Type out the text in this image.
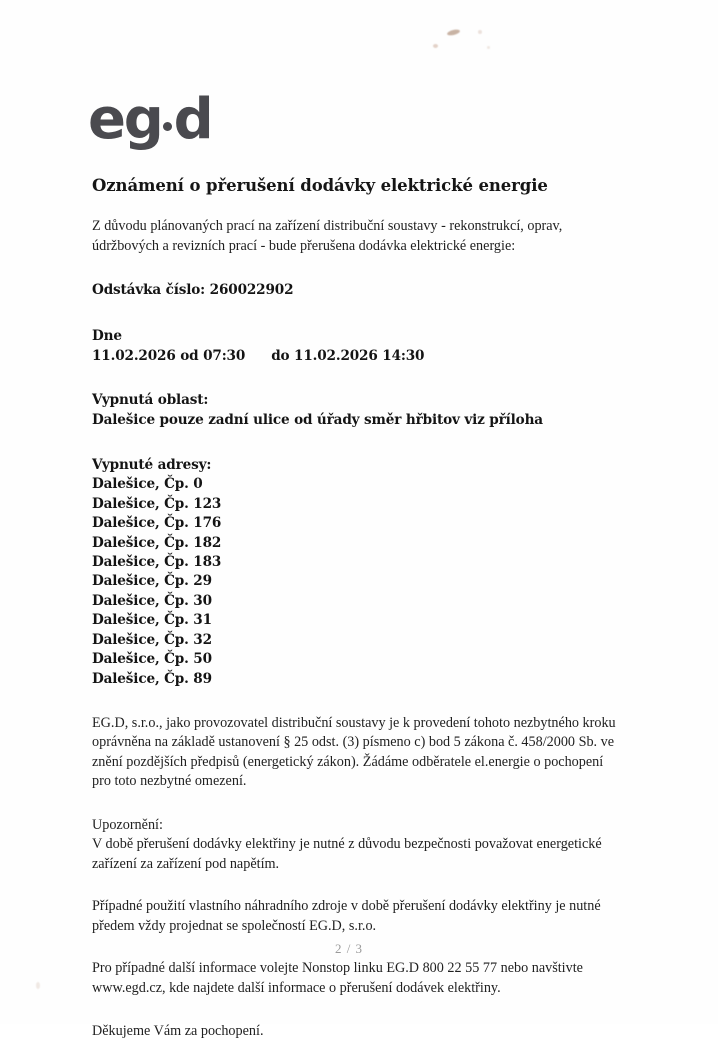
eg d
Oznámení o přerušení dodávky elektrické energie

Z důvodu plánovaných prací na zařízení distribuční soustavy - rekonstrukcí, oprav, údržbových a revizních prací - bude přerušena dodávka elektrické energie:

Odstávka číslo: 260022902
Dne
11.02.2026 od 07:30 do 11.02.2026 14:30
Vypnutá oblast:
Dalešice pouze zadní ulice od úřady směr hřbitov viz příloha
Vypnuté adresy:
Dalešice, Čp. 0
Dalešice, Čp. 123
Dalešice, Čp. 176
Dalešice, Čp. 182
Dalešice, Čp. 183
Dalešice, Čp. 29
Dalešice, Čp. 30
Dalešice, Čp. 31
Dalešice, Čp. 32
Dalešice, Čp. 50
Dalešice, Čp. 89

EG.D, s.r.o., jako provozovatel distribuční soustavy je k provedení tohoto nezbytného kroku oprávněna na základě ustanovení § 25 odst. (3) písmeno c) bod 5 zákona č. 458/2000 Sb. ve znění pozdějších předpisů (energetický zákon). Žádáme odběratele el.energie o pochopení pro toto nezbytné omezení.

Upozornění:

V době přerušení dodávky elektřiny je nutné z důvodu bezpečnosti považovat energetické zařízení za zařízení pod napětím.

Případné použití vlastního náhradního zdroje v době přerušení dodávky elektřiny je nutné předem vždy projednat se společností EG.D, s.r.o.

Pro případné další informace volejte Nonstop linku EG.D 800 22 55 77 nebo navštivte www.egd.cz, kde najdete další informace o přerušení dodávek elektřiny.

Děkujeme Vám za pochopení.

2 / 3
